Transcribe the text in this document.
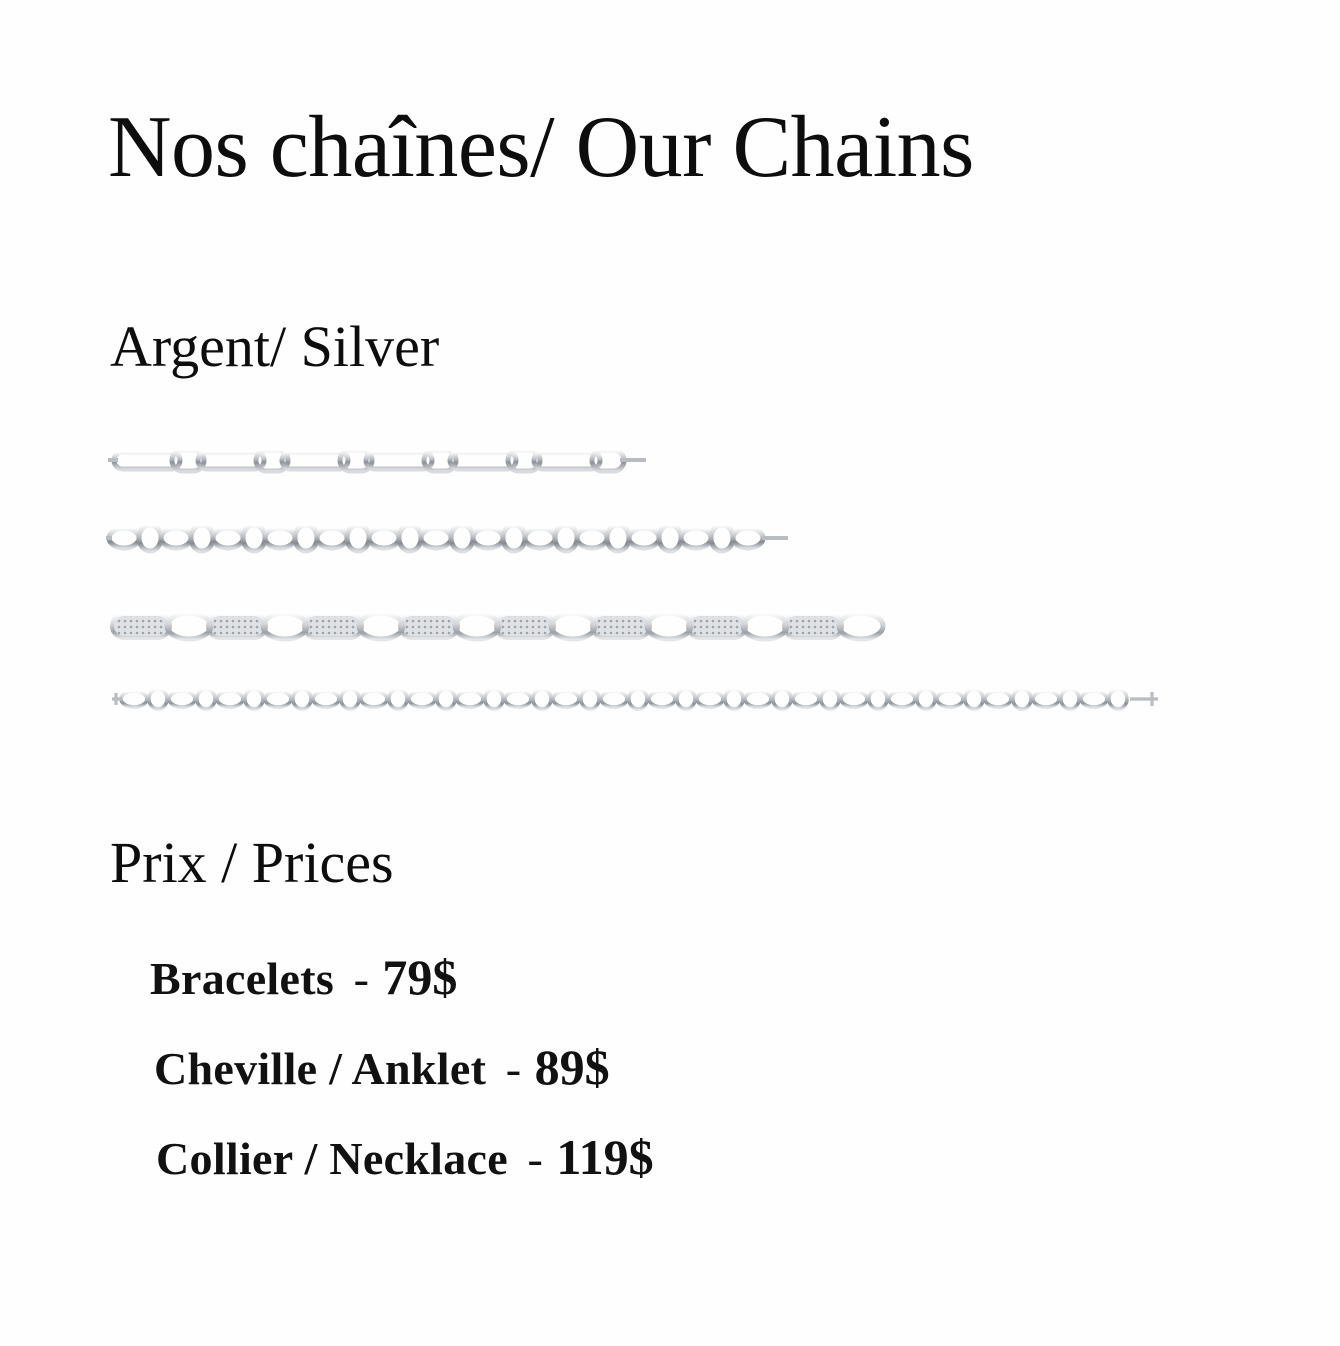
Nos chaînes/ Our Chains
Argent/ Silver
Prix / Prices
Bracelets - 79$
Cheville / Anklet - 89$
Collier / Necklace - 119$
